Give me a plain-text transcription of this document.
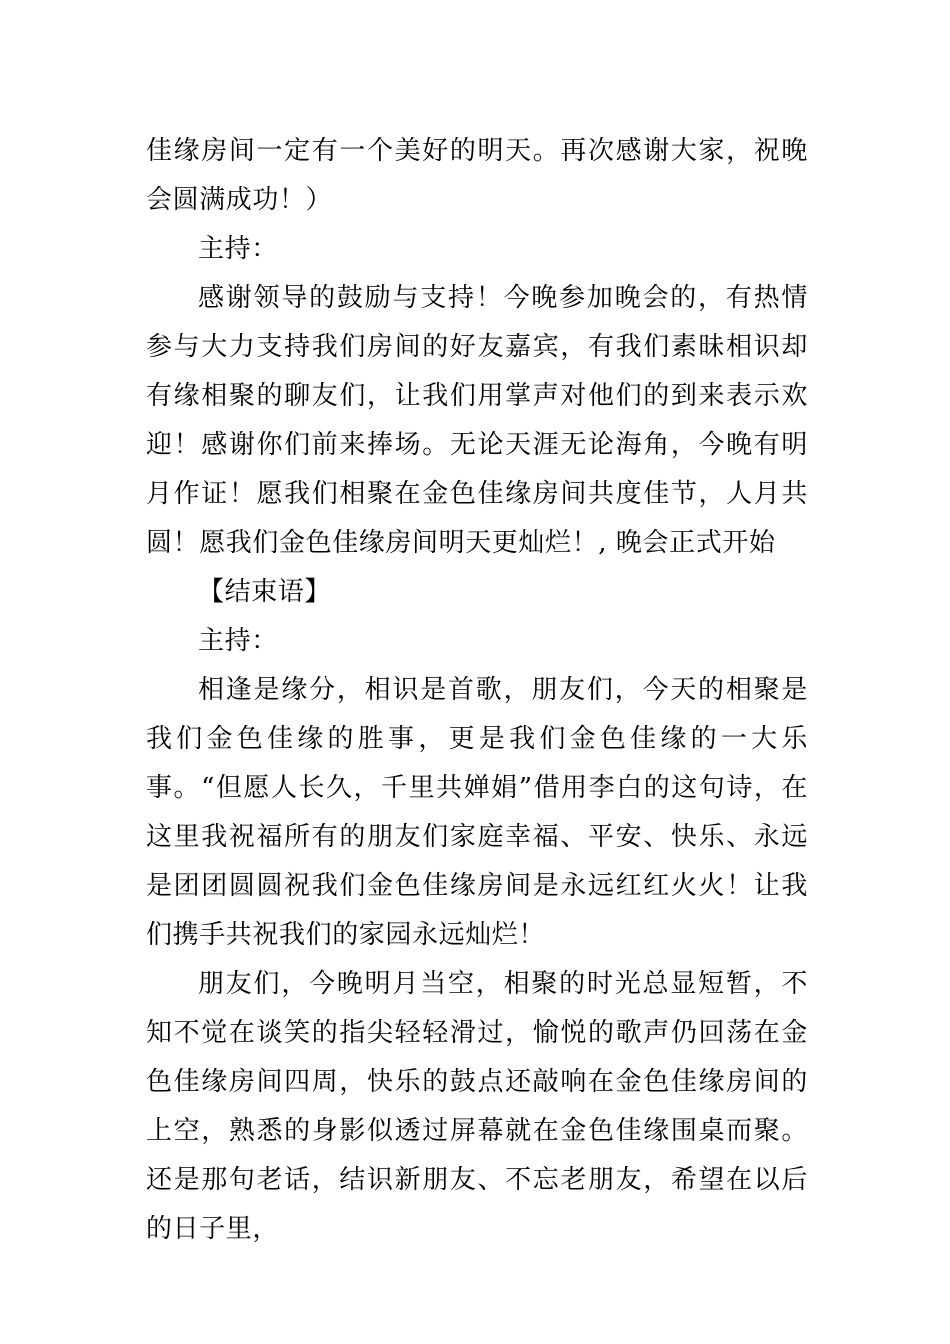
佳缘房间一定有一个美好的明天。再次感谢大家，祝晚会圆满成功！）

主持：

感谢领导的鼓励与支持！今晚参加晚会的，有热情参与大力支持我们房间的好友嘉宾，有我们素昧相识却有缘相聚的聊友们，让我们用掌声对他们的到来表示欢迎！感谢你们前来捧场。无论天涯无论海角，今晚有明月作证！愿我们相聚在金色佳缘房间共度佳节，人月共圆！愿我们金色佳缘房间明天更灿烂！, 晚会正式开始

【结束语】

主持：

相逢是缘分，相识是首歌，朋友们，今天的相聚是我们金色佳缘的胜事，更是我们金色佳缘的一大乐事。“但愿人长久，千里共婵娟”借用李白的这句诗，在这里我祝福所有的朋友们家庭幸福、平安、快乐、永远是团团圆圆祝我们金色佳缘房间是永远红红火火！让我们携手共祝我们的家园永远灿烂！

朋友们，今晚明月当空，相聚的时光总显短暂，不知不觉在谈笑的指尖轻轻滑过，愉悦的歌声仍回荡在金色佳缘房间四周，快乐的鼓点还敲响在金色佳缘房间的上空，熟悉的身影似透过屏幕就在金色佳缘围桌而聚。还是那句老话，结识新朋友、不忘老朋友，希望在以后的日子里，
